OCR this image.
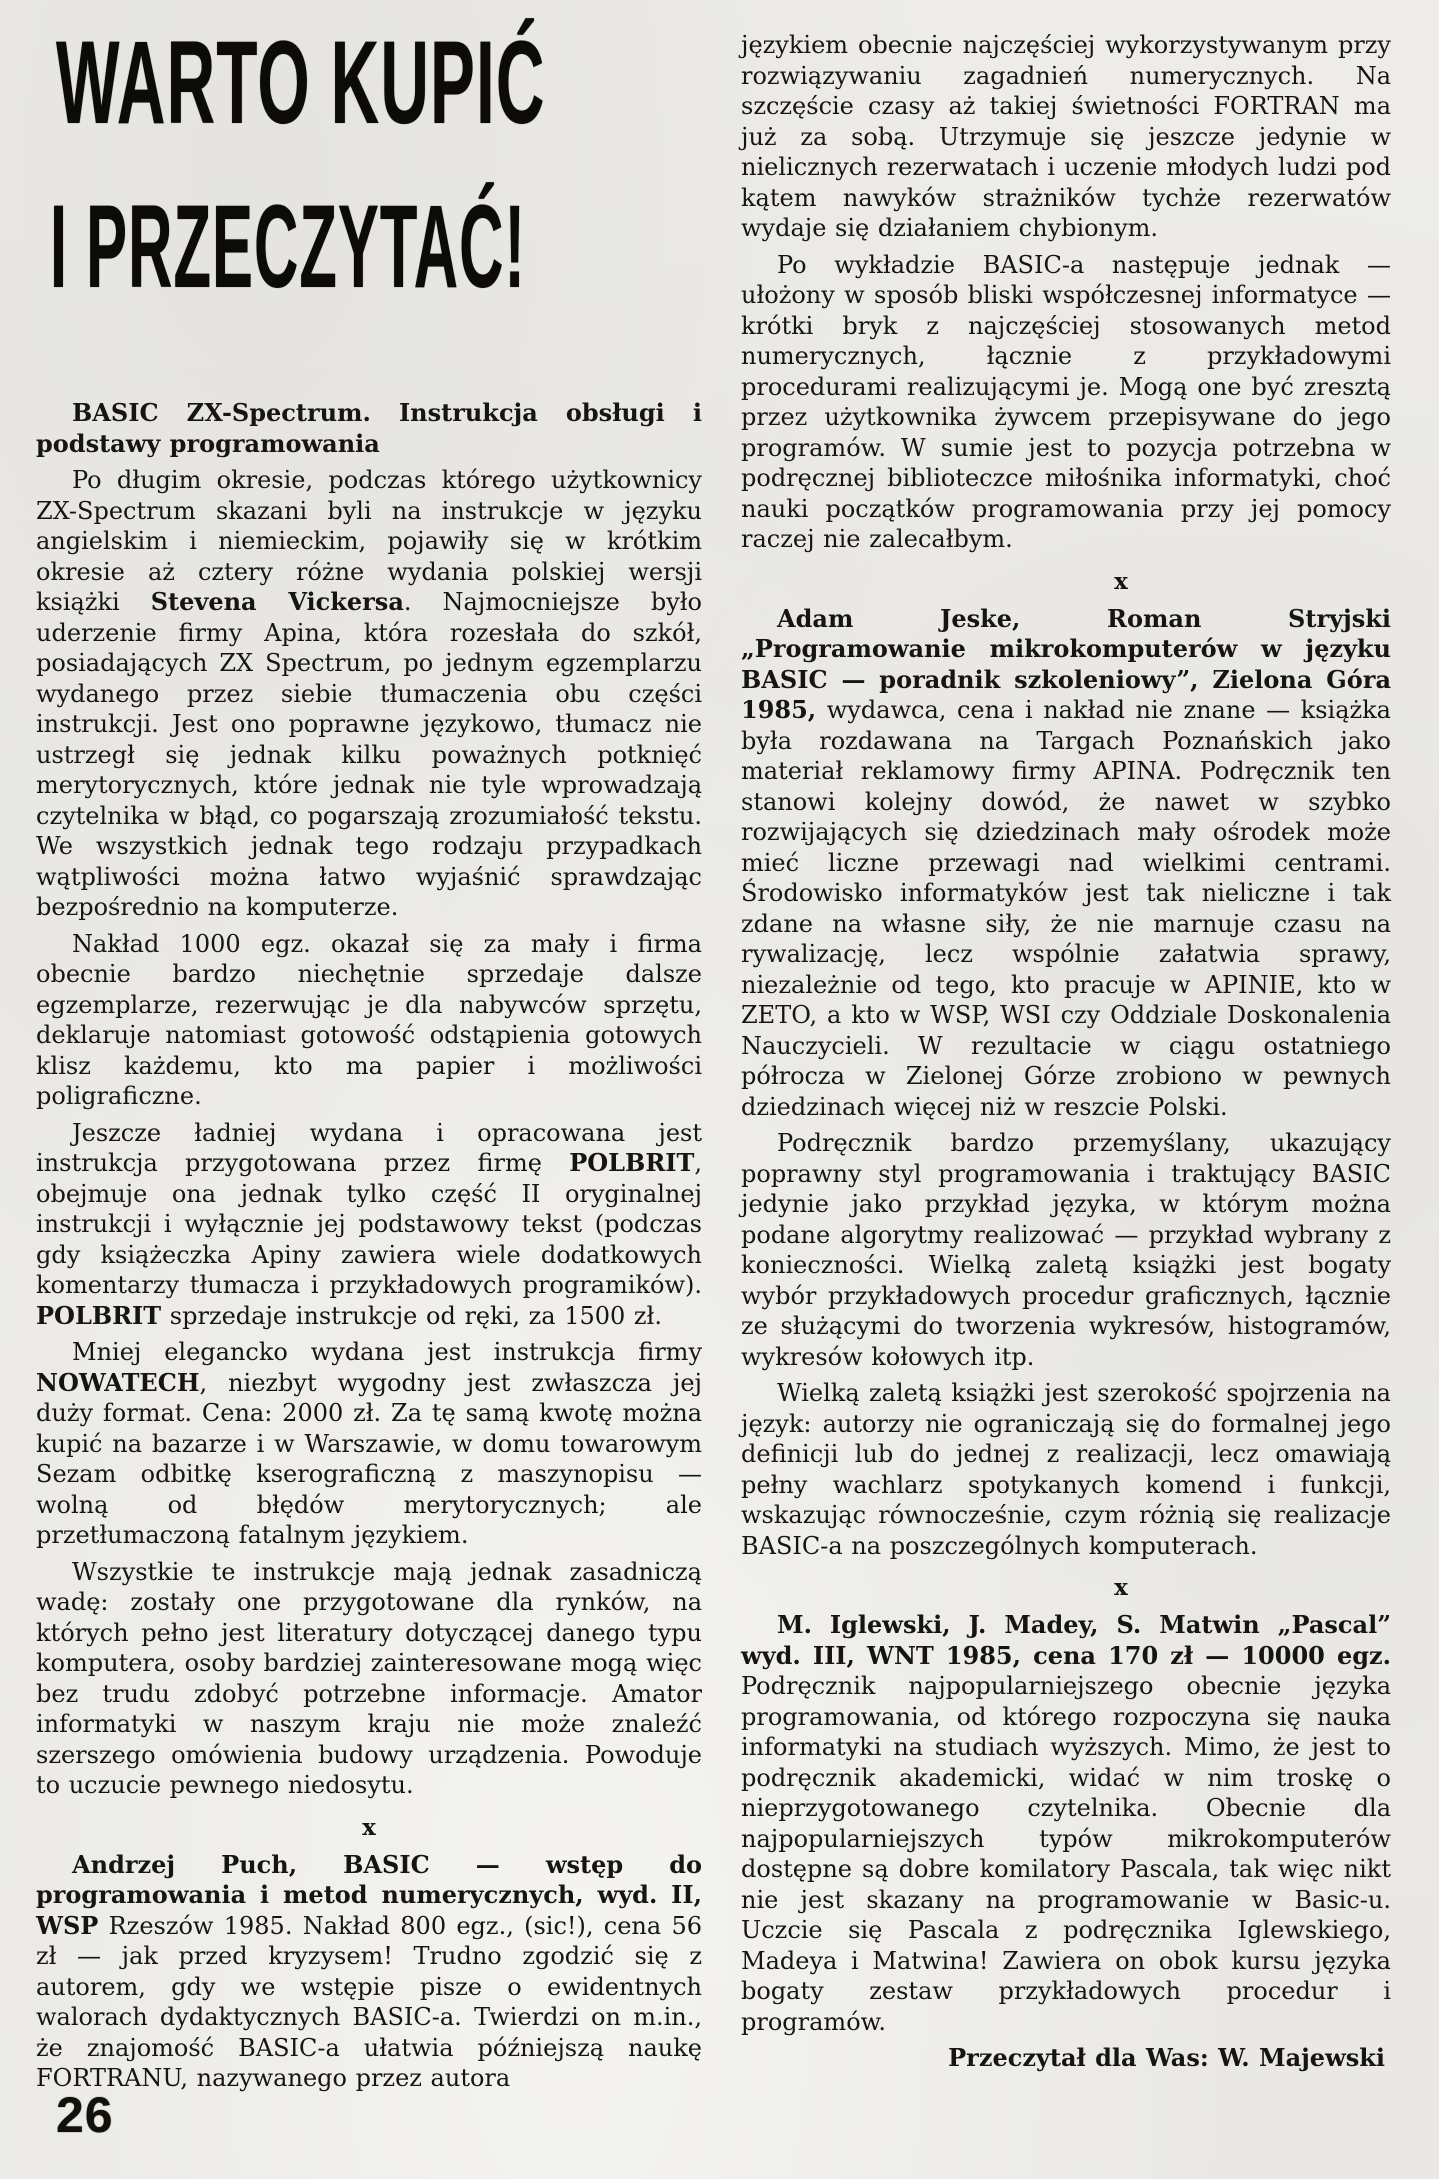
WARTO KUPIĆ
I PRZECZYTAĆ!

BASIC ZX-Spectrum. Instrukcja obsługi i podstawy programowania

Po długim okresie, podczas którego użytkownicy ZX-Spectrum skazani byli na instrukcje w języku angielskim i niemieckim, pojawiły się w krótkim okresie aż cztery różne wydania polskiej wersji książki Stevena Vickersa. Najmocniejsze było uderzenie firmy Apina, która rozesłała do szkół, posiadających ZX Spectrum, po jednym egzemplarzu wydanego przez siebie tłumaczenia obu części instrukcji. Jest ono poprawne językowo, tłumacz nie ustrzegł się jednak kilku poważnych potknięć merytorycznych, które jednak nie tyle wprowadzają czytelnika w błąd, co pogarszają zrozumiałość tekstu. We wszystkich jednak tego rodzaju przypadkach wątpliwości można łatwo wyjaśnić sprawdzając bezpośrednio na komputerze.

Nakład 1000 egz. okazał się za mały i firma obecnie bardzo niechętnie sprzedaje dalsze egzemplarze, rezerwując je dla nabywców sprzętu, deklaruje natomiast gotowość odstąpienia gotowych klisz każdemu, kto ma papier i możliwości poligraficzne.

Jeszcze ładniej wydana i opracowana jest instrukcja przygotowana przez firmę POLBRIT, obejmuje ona jednak tylko część II oryginalnej instrukcji i wyłącznie jej podstawowy tekst (podczas gdy książeczka Apiny zawiera wiele dodatkowych komentarzy tłumacza i przykładowych programików). POLBRIT sprzedaje instrukcje od ręki, za 1500 zł.

Mniej elegancko wydana jest instrukcja firmy NOWATECH, niezbyt wygodny jest zwłaszcza jej duży format. Cena: 2000 zł. Za tę samą kwotę można kupić na bazarze i w Warszawie, w domu towarowym Sezam odbitkę kserograficzną z maszynopisu — wolną od błędów merytorycznych; ale przetłumaczoną fatalnym językiem.

Wszystkie te instrukcje mają jednak zasadniczą wadę: zostały one przygotowane dla rynków, na których pełno jest literatury dotyczącej danego typu komputera, osoby bardziej zainteresowane mogą więc bez trudu zdobyć potrzebne informacje. Amator informatyki w naszym kraju nie może znaleźć szerszego omówienia budowy urządzenia. Powoduje to uczucie pewnego niedosytu.

x

Andrzej Puch, BASIC — wstęp do programowania i metod numerycznych, wyd. II, WSP Rzeszów 1985. Nakład 800 egz., (sic!), cena 56 zł — jak przed kryzysem! Trudno zgodzić się z autorem, gdy we wstępie pisze o ewidentnych walorach dydaktycznych BASIC-a. Twierdzi on m.in., że znajomość BASIC-a ułatwia późniejszą naukę FORTRANU, nazywanego przez autora

językiem obecnie najczęściej wykorzystywanym przy rozwiązywaniu zagadnień numerycznych. Na szczęście czasy aż takiej świetności FORTRAN ma już za sobą. Utrzymuje się jeszcze jedynie w nielicznych rezerwatach i uczenie młodych ludzi pod kątem nawyków strażników tychże rezerwatów wydaje się działaniem chybionym.

Po wykładzie BASIC-a następuje jednak — ułożony w sposób bliski współczesnej informatyce — krótki bryk z najczęściej stosowanych metod numerycznych, łącznie z przykładowymi procedurami realizującymi je. Mogą one być zresztą przez użytkownika żywcem przepisywane do jego programów. W sumie jest to pozycja potrzebna w podręcznej biblioteczce miłośnika informatyki, choć nauki początków programowania przy jej pomocy raczej nie zalecałbym.

x

Adam Jeske, Roman Stryjski „Programowanie mikrokomputerów w języku BASIC — poradnik szkoleniowy”, Zielona Góra 1985, wydawca, cena i nakład nie znane — książka była rozdawana na Targach Poznańskich jako materiał reklamowy firmy APINA. Podręcznik ten stanowi kolejny dowód, że nawet w szybko rozwijających się dziedzinach mały ośrodek może mieć liczne przewagi nad wielkimi centrami. Środowisko informatyków jest tak nieliczne i tak zdane na własne siły, że nie marnuje czasu na rywalizację, lecz wspólnie załatwia sprawy, niezależnie od tego, kto pracuje w APINIE, kto w ZETO, a kto w WSP, WSI czy Oddziale Doskonalenia Nauczycieli. W rezultacie w ciągu ostatniego półrocza w Zielonej Górze zrobiono w pewnych dziedzinach więcej niż w reszcie Polski.

Podręcznik bardzo przemyślany, ukazujący poprawny styl programowania i traktujący BASIC jedynie jako przykład języka, w którym można podane algorytmy realizować — przykład wybrany z konieczności. Wielką zaletą książki jest bogaty wybór przykładowych procedur graficznych, łącznie ze służącymi do tworzenia wykresów, histogramów, wykresów kołowych itp.

Wielką zaletą książki jest szerokość spojrzenia na język: autorzy nie ograniczają się do formalnej jego definicji lub do jednej z realizacji, lecz omawiają pełny wachlarz spotykanych komend i funkcji, wskazując równocześnie, czym różnią się realizacje BASIC-a na poszczególnych komputerach.

x

M. Iglewski, J. Madey, S. Matwin „Pascal” wyd. III, WNT 1985, cena 170 zł — 10000 egz. Podręcznik najpopularniejszego obecnie języka programowania, od którego rozpoczyna się nauka informatyki na studiach wyższych. Mimo, że jest to podręcznik akademicki, widać w nim troskę o nieprzygotowanego czytelnika. Obecnie dla najpopularniejszych typów mikrokomputerów dostępne są dobre komilatory Pascala, tak więc nikt nie jest skazany na programowanie w Basic-u. Uczcie się Pascala z podręcznika Iglewskiego, Madeya i Matwina! Zawiera on obok kursu języka bogaty zestaw przykładowych procedur i programów.

Przeczytał dla Was: W. Majewski

26
